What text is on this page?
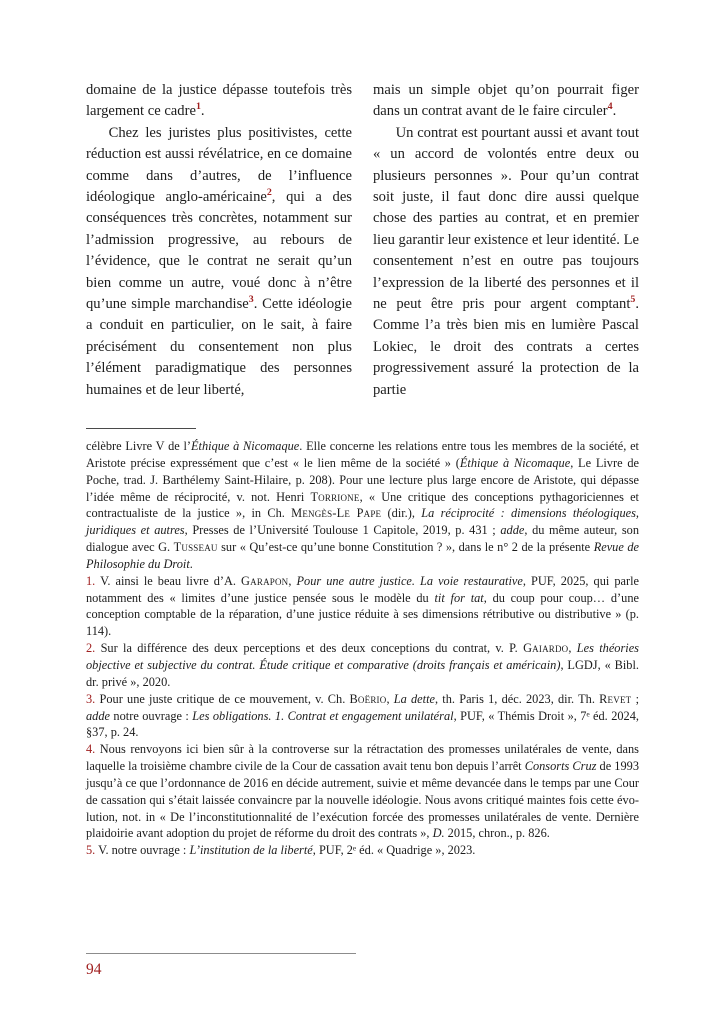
domaine de la justice dépasse toutefois très largement ce cadre$^1$.

Chez les juristes plus positivistes, cette réduction est aussi révélatrice, en ce domaine comme dans d’autres, de l’influence idéologique anglo-américaine$^2$, qui a des conséquences très concrètes, notamment sur l’admission progressive, au rebours de l’évidence, que le contrat ne serait qu’un bien comme un autre, voué donc à n’être qu’une simple marchandise$^3$. Cette idéologie a conduit en particulier, on le sait, à faire précisément du consentement non plus l’élément paradigmatique des personnes humaines et de leur liberté,

mais un simple objet qu’on pourrait figer dans un contrat avant de le faire circuler$^4$.

Un contrat est pourtant aussi et avant tout « un accord de volontés entre deux ou plusieurs personnes ». Pour qu’un contrat soit juste, il faut donc dire aussi quelque chose des parties au contrat, et en premier lieu garantir leur existence et leur identité. Le consentement n’est en outre pas toujours l’expression de la liberté des personnes et il ne peut être pris pour argent comptant$^5$. Comme l’a très bien mis en lumière Pascal Lokiec, le droit des contrats a certes progressivement assuré la protection de la partie

célèbre Livre V de l’Éthique à Nicomaque. Elle concerne les relations entre tous les membres de la société, et Aristote précise expressément que c’est « le lien même de la société » (Éthique à Nicomaque, Le Livre de Poche, trad. J. Barthélemy Saint-Hilaire, p. 208). Pour une lecture plus large encore de Aristote, qui dépasse l’idée même de réciprocité, v. not. Henri Torrione, « Une critique des conceptions pythagoriciennes et contractualiste de la justice », in Ch. Mengès-Le Pape (dir.), La réciprocité : dimensions théologiques, juridiques et autres, Presses de l’Université Toulouse 1 Capitole, 2019, p. 431 ; adde, du même auteur, son dialogue avec G. Tusseau sur « Qu’est-ce qu’une bonne Constitution ? », dans le n° 2 de la présente Revue de Philosophie du Droit.

1. V. ainsi le beau livre d’A. Garapon, Pour une autre justice. La voie restaurative, PUF, 2025, qui parle notamment des « limites d’une justice pensée sous le modèle du tit for tat, du coup pour coup… d’une conception comptable de la réparation, d’une justice réduite à ses dimensions rétributive ou distributive » (p. 114).

2. Sur la différence des deux perceptions et des deux conceptions du contrat, v. P. Gaiardo, Les théories objective et subjective du contrat. Étude critique et comparative (droits français et américain), LGDJ, « Bibl. dr. privé », 2020.

3. Pour une juste critique de ce mouvement, v. Ch. Boërio, La dette, th. Paris 1, déc. 2023, dir. Th. Revet ; adde notre ouvrage : Les obligations. 1. Contrat et engagement unilatéral, PUF, « Thémis Droit », 7ᵉ éd. 2024, §37, p. 24.

4. Nous renvoyons ici bien sûr à la controverse sur la rétractation des promesses unilatérales de vente, dans laquelle la troisième chambre civile de la Cour de cassation avait tenu bon depuis l’arrêt Consorts Cruz de 1993 jusqu’à ce que l’ordonnance de 2016 en décide autrement, suivie et même devancée dans le temps par une Cour de cassation qui s’était laissée convaincre par la nouvelle idéologie. Nous avons critiqué maintes fois cette évolution, not. in « De l’inconstitutionnalité de l’exécution forcée des promesses unilatérales de vente. Dernière plaidoirie avant adoption du projet de réforme du droit des contrats », D. 2015, chron., p. 826.

5. V. notre ouvrage : L’institution de la liberté, PUF, 2ᵉ éd. « Quadrige », 2023.

94
